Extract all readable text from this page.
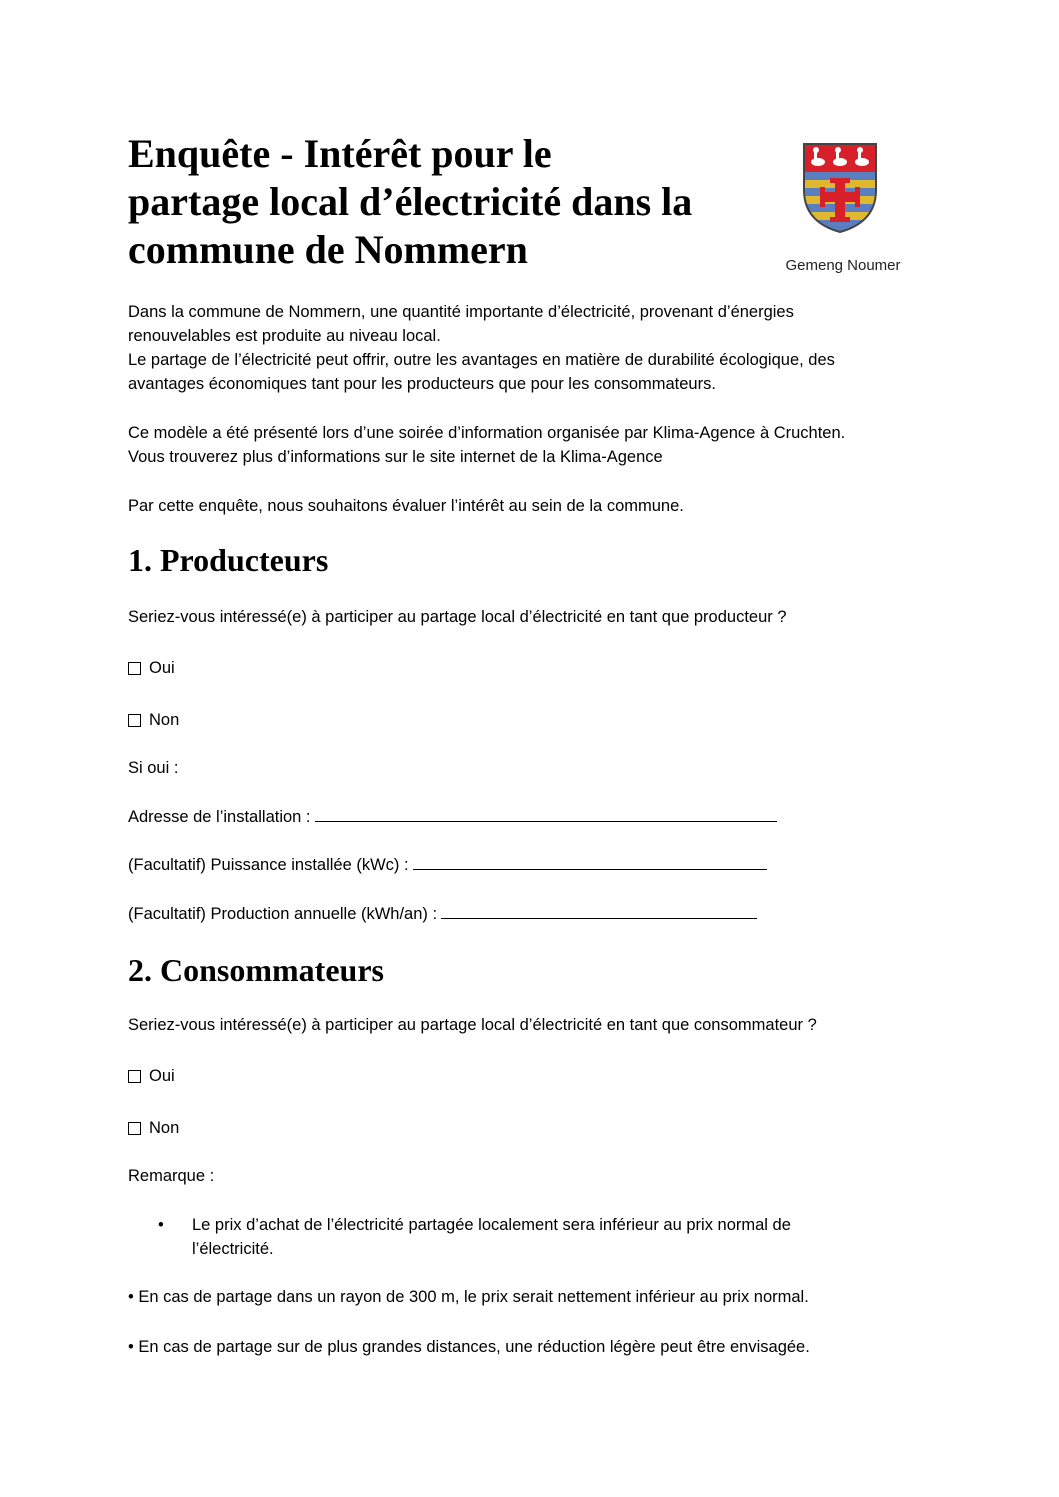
Enquête - Intérêt pour le
partage local d’électricité dans la
commune de Nommern	Gemeng Noumer
Dans la commune de Nommern, une quantité importante d’électricité, provenant d’énergies
renouvelables est produite au niveau local.
Le partage de l’électricité peut offrir, outre les avantages en matière de durabilité écologique, des
avantages économiques tant pour les producteurs que pour les consommateurs.
Ce modèle a été présenté lors d’une soirée d’information organisée par Klima-Agence à Cruchten.
Vous trouverez plus d’informations sur le site internet de la Klima-Agence
Par cette enquête, nous souhaitons évaluer l’intérêt au sein de la commune.
1. Producteurs
Seriez-vous intéressé(e) à participer au partage local d’électricité en tant que producteur ?
Oui
Non
Si oui :
Adresse de l’installation :
(Facultatif) Puissance installée (kWc) :
(Facultatif) Production annuelle (kWh/an) :
2. Consommateurs
Seriez-vous intéressé(e) à participer au partage local d’électricité en tant que consommateur ?
Oui
Non
Remarque :
• Le prix d’achat de l’électricité partagée localement sera inférieur au prix normal de l’électricité.
• En cas de partage dans un rayon de 300 m, le prix serait nettement inférieur au prix normal.
• En cas de partage sur de plus grandes distances, une réduction légère peut être envisagée.
